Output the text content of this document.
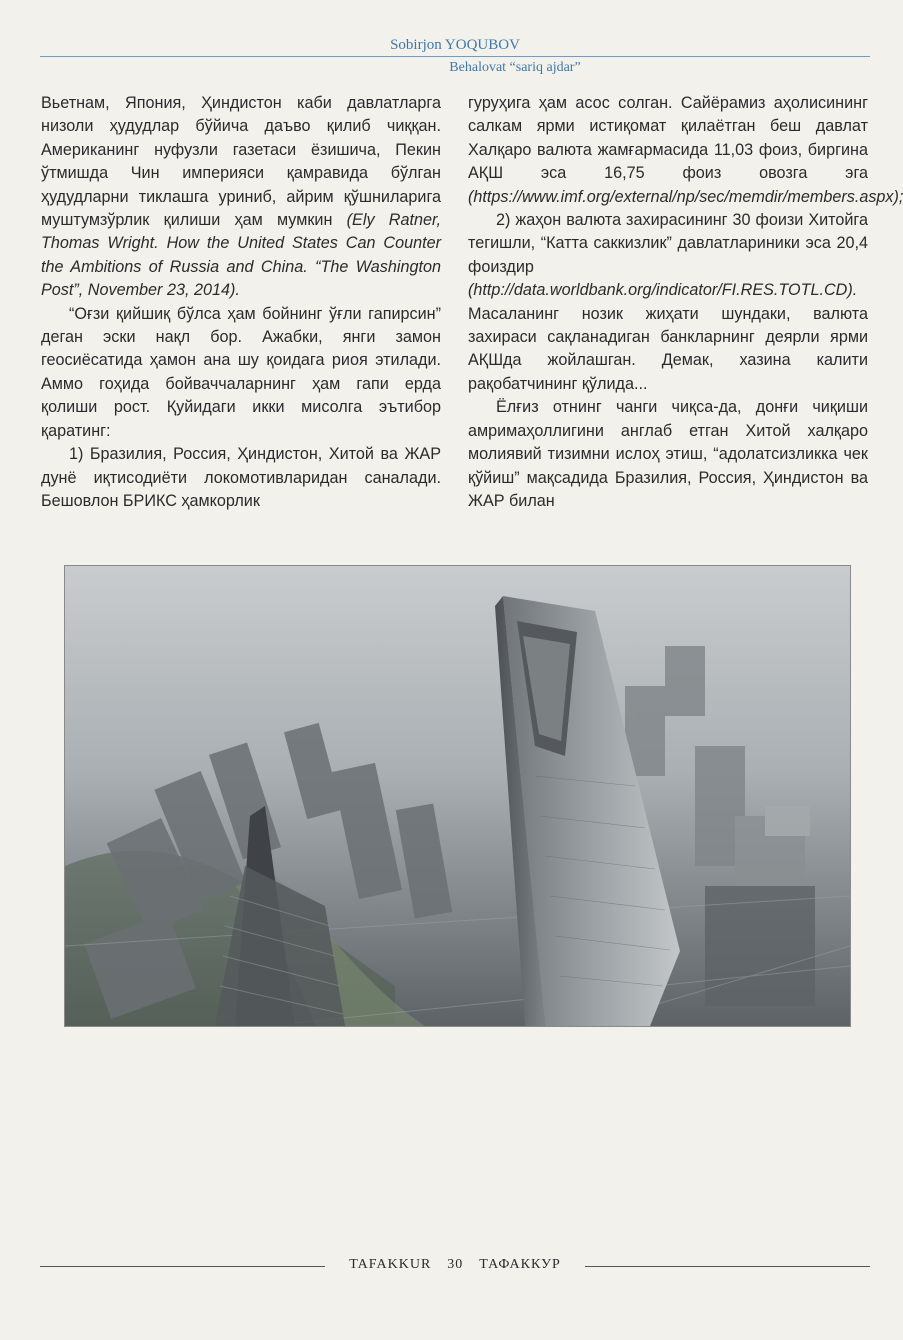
Sobirjon YOQUBOV
Behalovat “sariq ajdar”

Вьетнам, Япония, Ҳиндистон каби давлатларга низоли ҳудудлар бўйича даъво қилиб чиққан. Американинг нуфузли газетаси ёзишича, Пекин ўтмишда Чин империяси қамравида бўлган ҳудудларни тиклашга уриниб, айрим қўшниларига муштумзўрлик қилиши ҳам мумкин (Ely Ratner, Thomas Wright. How the United States Can Counter the Ambitions of Russia and China. “The Washington Post”, November 23, 2014).

“Оғзи қийшиқ бўлса ҳам бойнинг ўғли гапирсин” деган эски нақл бор. Ажабки, янги замон геосиёсатида ҳамон ана шу қоидага риоя этилади. Аммо гоҳида бойваччаларнинг ҳам гапи ерда қолиши рост. Қуйидаги икки мисолга эътибор қаратинг:

1) Бразилия, Россия, Ҳиндистон, Хитой ва ЖАР дунё иқтисодиёти локомотивларидан саналади. Бешовлон БРИКС ҳамкорлик

гуруҳига ҳам асос солган. Сайёрамиз аҳолисининг салкам ярми истиқомат қилаётган беш давлат Халқаро валюта жамғармасида 11,03 фоиз, биргина АҚШ эса 16,75 фоиз овозга эга (https://www.imf.org/external/np/sec/memdir/members.aspx);

2) жаҳон валюта захирасининг 30 фоизи Хитойга тегишли, “Катта саккизлик” давлатлариники эса 20,4 фоиздир (http://data.worldbank.org/indicator/FI.RES.TOTL.CD). Масаланинг нозик жиҳати шундаки, валюта захираси сақланадиган банкларнинг деярли ярми АҚШда жойлашган. Демак, хазина калити рақобатчининг қўлида...

Ёлғиз отнинг чанги чиқса-да, донғи чиқиши амримаҳоллигини англаб етган Хитой халқаро молиявий тизимни ислоҳ этиш, “адолатсизликка чек қўйиш” мақсадида Бразилия, Россия, Ҳиндистон ва ЖАР билан

TAFAKKUR 30 ТАФАККУР
